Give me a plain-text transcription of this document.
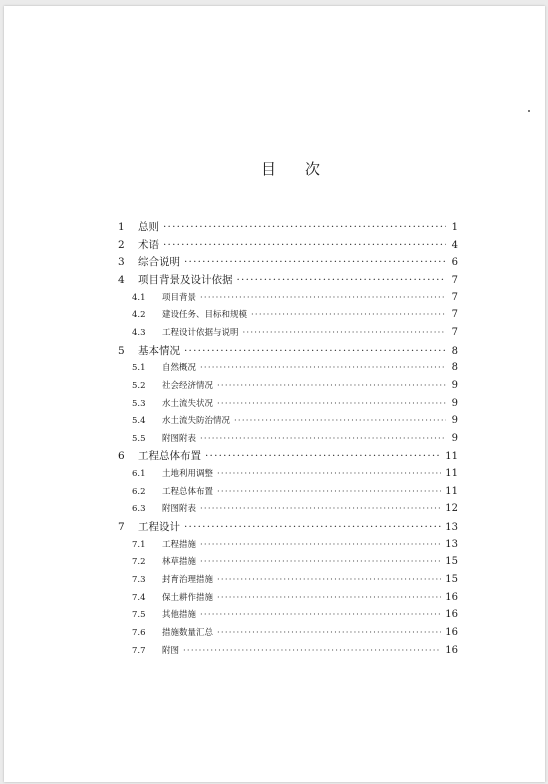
目 次
1	总则 ·····	1
2	术语 ·····	4
3	综合说明 ·····	6
4	项目背景及设计依据 ·····	7
4.1	项目背景 ·····	7
4.2	建设任务、目标和规模 ·····	7
4.3	工程设计依据与说明 ·····	7
5	基本情况 ·····	8
5.1	自然概况 ·····	8
5.2	社会经济情况 ·····	9
5.3	水土流失状况 ·····	9
5.4	水土流失防治情况 ·····	9
5.5	附图附表 ·····	9
6	工程总体布置 ·····	11
6.1	土地利用调整 ·····	11
6.2	工程总体布置 ·····	11
6.3	附图附表 ·····	12
7	工程设计 ·····	13
7.1	工程措施 ·····	13
7.2	林草措施 ·····	15
7.3	封育治理措施 ·····	15
7.4	保土耕作措施 ·····	16
7.5	其他措施 ·····	16
7.6	措施数量汇总 ·····	16
7.7	附图 ·····	16
